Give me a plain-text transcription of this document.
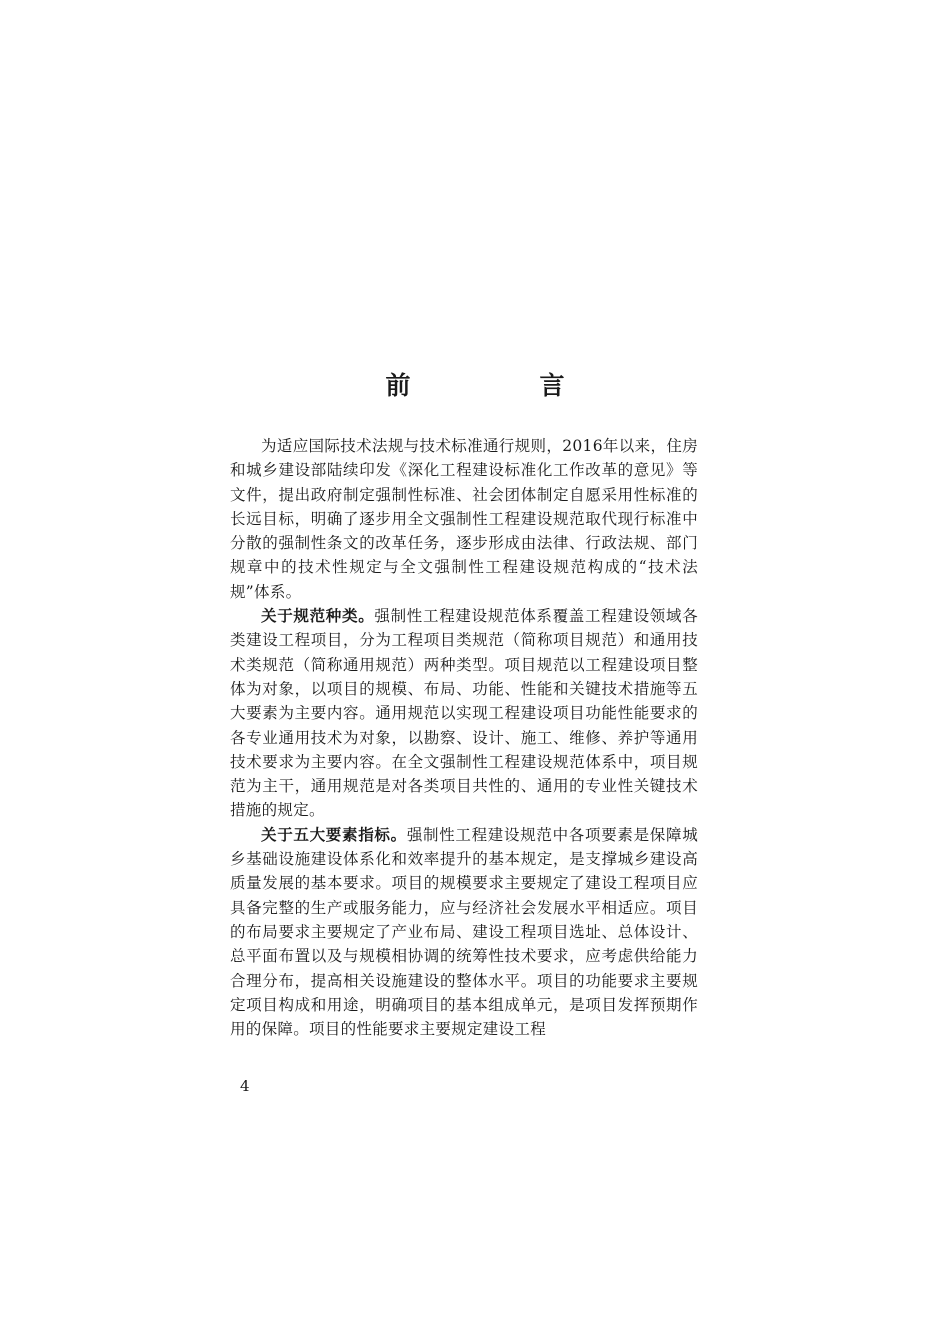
前　言

为适应国际技术法规与技术标准通行规则，2016年以来，住房和城乡建设部陆续印发《深化工程建设标准化工作改革的意见》等文件，提出政府制定强制性标准、社会团体制定自愿采用性标准的长远目标，明确了逐步用全文强制性工程建设规范取代现行标准中分散的强制性条文的改革任务，逐步形成由法律、行政法规、部门规章中的技术性规定与全文强制性工程建设规范构成的“技术法规”体系。

关于规范种类。强制性工程建设规范体系覆盖工程建设领域各类建设工程项目，分为工程项目类规范（简称项目规范）和通用技术类规范（简称通用规范）两种类型。项目规范以工程建设项目整体为对象，以项目的规模、布局、功能、性能和关键技术措施等五大要素为主要内容。通用规范以实现工程建设项目功能性能要求的各专业通用技术为对象，以勘察、设计、施工、维修、养护等通用技术要求为主要内容。在全文强制性工程建设规范体系中，项目规范为主干，通用规范是对各类项目共性的、通用的专业性关键技术措施的规定。

关于五大要素指标。强制性工程建设规范中各项要素是保障城乡基础设施建设体系化和效率提升的基本规定，是支撑城乡建设高质量发展的基本要求。项目的规模要求主要规定了建设工程项目应具备完整的生产或服务能力，应与经济社会发展水平相适应。项目的布局要求主要规定了产业布局、建设工程项目选址、总体设计、总平面布置以及与规模相协调的统筹性技术要求，应考虑供给能力合理分布，提高相关设施建设的整体水平。项目的功能要求主要规定项目构成和用途，明确项目的基本组成单元，是项目发挥预期作用的保障。项目的性能要求主要规定建设工程

4
